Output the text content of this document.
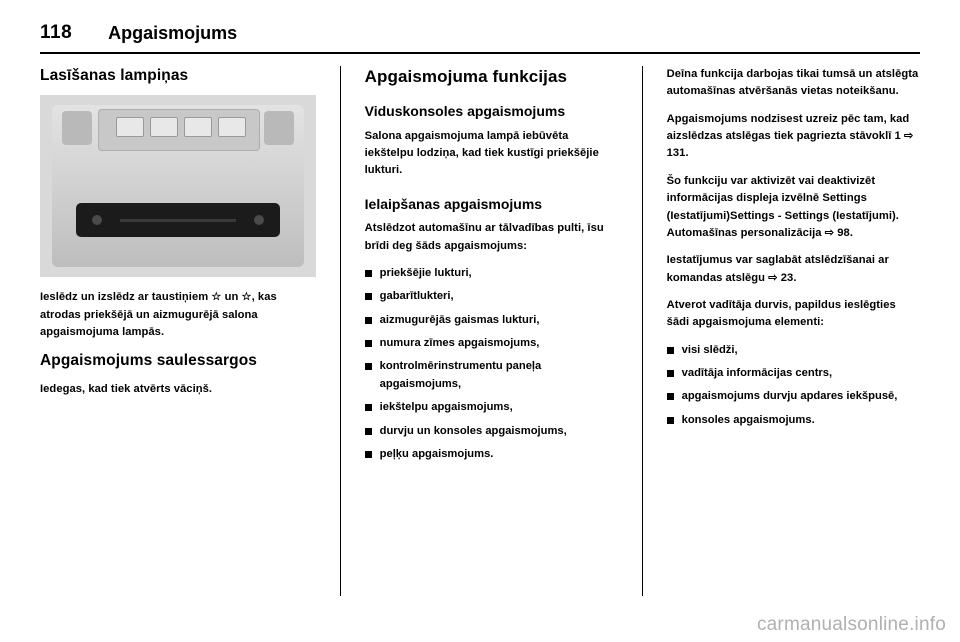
118 Apgaismojums
Lasīšanas lampiņas

Ieslēdz un izslēdz ar taustiņiem ☆ un ☆, kas atrodas priekšējā un aizmugurējā salona apgaismojuma lampās.

Apgaismojums saulessargos

Iedegas, kad tiek atvērts vāciņš.

Apgaismojuma funkcijas
Viduskonsoles apgaismojums

Salona apgaismojuma lampā iebūvēta iekštelpu lodziņa, kad tiek kustīgi priekšējie lukturi.

Ielaipšanas apgaismojums

Atslēdzot automašīnu ar tālvadības pulti, īsu brīdi deg šāds apgaismojums:

priekšējie lukturi,
gabarītlukteri,
aizmugurējās gaismas lukturi,
numura zīmes apgaismojums,
kontrolmērinstrumentu paneļa apgaismojums,
iekštelpu apgaismojums,
durvju un konsoles apgaismojums,
peļķu apgaismojums.

Deīna funkcija darbojas tikai tumsā un atslēgta automašīnas atvēršanās vietas noteikšanu.

Apgaismojums nodzisest uzreiz pēc tam, kad aizslēdzas atslēgas tiek pagriezta stāvoklī 1 ⇨ 131.

Šo funkciju var aktivizēt vai deaktivizēt informācijas displeja izvēlnē Settings (Iestatījumi)Settings - Settings (Iestatījumi). Automašīnas personalizācija ⇨ 98.

Iestatījumus var saglabāt atslēdzīšanai ar komandas atslēgu ⇨ 23.

Atverot vadītāja durvis, papildus ieslēgties šādi apgaismojuma elementi:

visi slēdži,
vadītāja informācijas centrs,
apgaismojums durvju apdares iekšpusē,
konsoles apgaismojums.
carmanualsonline.info
